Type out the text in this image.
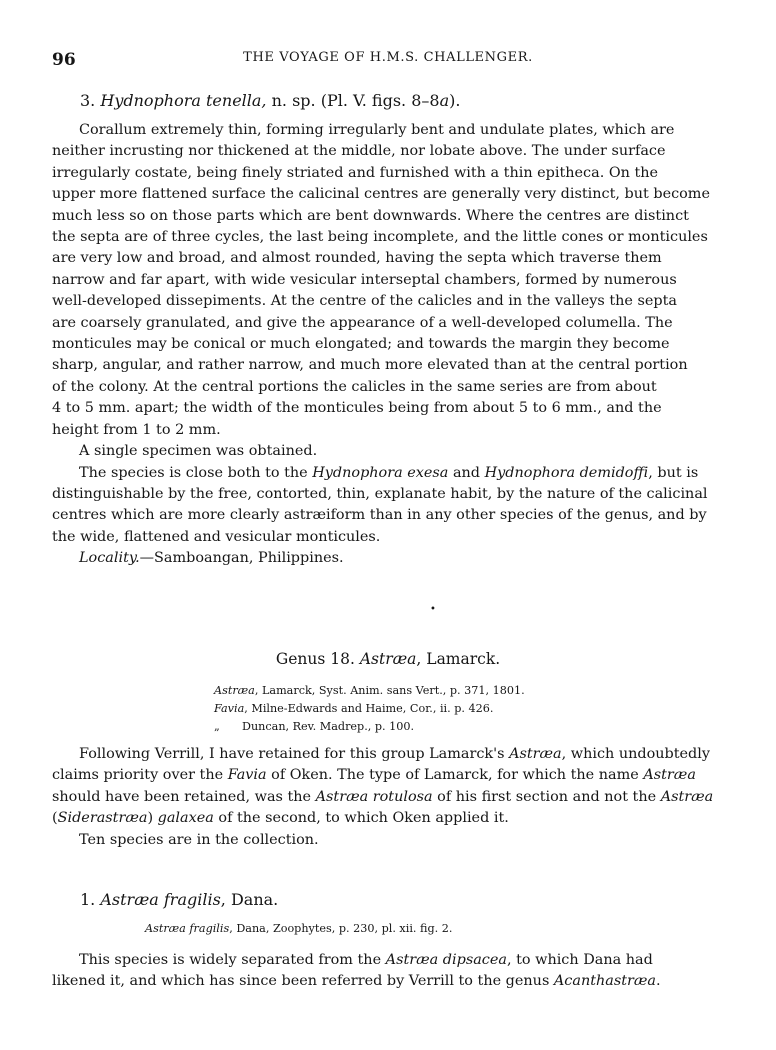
96	THE VOYAGE OF H.M.S. CHALLENGER.
3. Hydnophora tenella, n. sp. (Pl. V. figs. 8–8a).

Corallum extremely thin, forming irregularly bent and undulate plates, which are

neither incrusting nor thickened at the middle, nor lobate above. The under surface

irregularly costate, being finely striated and furnished with a thin epitheca. On the

upper more flattened surface the calicinal centres are generally very distinct, but become

much less so on those parts which are bent downwards. Where the centres are distinct

the septa are of three cycles, the last being incomplete, and the little cones or monticules

are very low and broad, and almost rounded, having the septa which traverse them

narrow and far apart, with wide vesicular interseptal chambers, formed by numerous

well-developed dissepiments. At the centre of the calicles and in the valleys the septa

are coarsely granulated, and give the appearance of a well-developed columella. The

monticules may be conical or much elongated; and towards the margin they become

sharp, angular, and rather narrow, and much more elevated than at the central portion

of the colony. At the central portions the calicles in the same series are from about

4 to 5 mm. apart; the width of the monticules being from about 5 to 6 mm., and the

height from 1 to 2 mm.

A single specimen was obtained.

The species is close both to the Hydnophora exesa and Hydnophora demidoffi, but is

distinguishable by the free, contorted, thin, explanate habit, by the nature of the calicinal

centres which are more clearly astræiform than in any other species of the genus, and by

the wide, flattened and vesicular monticules.

Locality.—Samboangan, Philippines.

•
Genus 18. Astræa, Lamarck.
Astræa, Lamarck, Syst. Anim. sans Vert., p. 371, 1801.
Favia, Milne-Edwards and Haime, Cor., ii. p. 426.
„ Duncan, Rev. Madrep., p. 100.

Following Verrill, I have retained for this group Lamarck's Astræa, which undoubtedly

claims priority over the Favia of Oken. The type of Lamarck, for which the name Astræa

should have been retained, was the Astræa rotulosa of his first section and not the Astræa

(Siderastræa) galaxea of the second, to which Oken applied it.

Ten species are in the collection.

1. Astræa fragilis, Dana.
Astræa fragilis, Dana, Zoophytes, p. 230, pl. xii. fig. 2.

This species is widely separated from the Astræa dipsacea, to which Dana had

likened it, and which has since been referred by Verrill to the genus Acanthastræa.
